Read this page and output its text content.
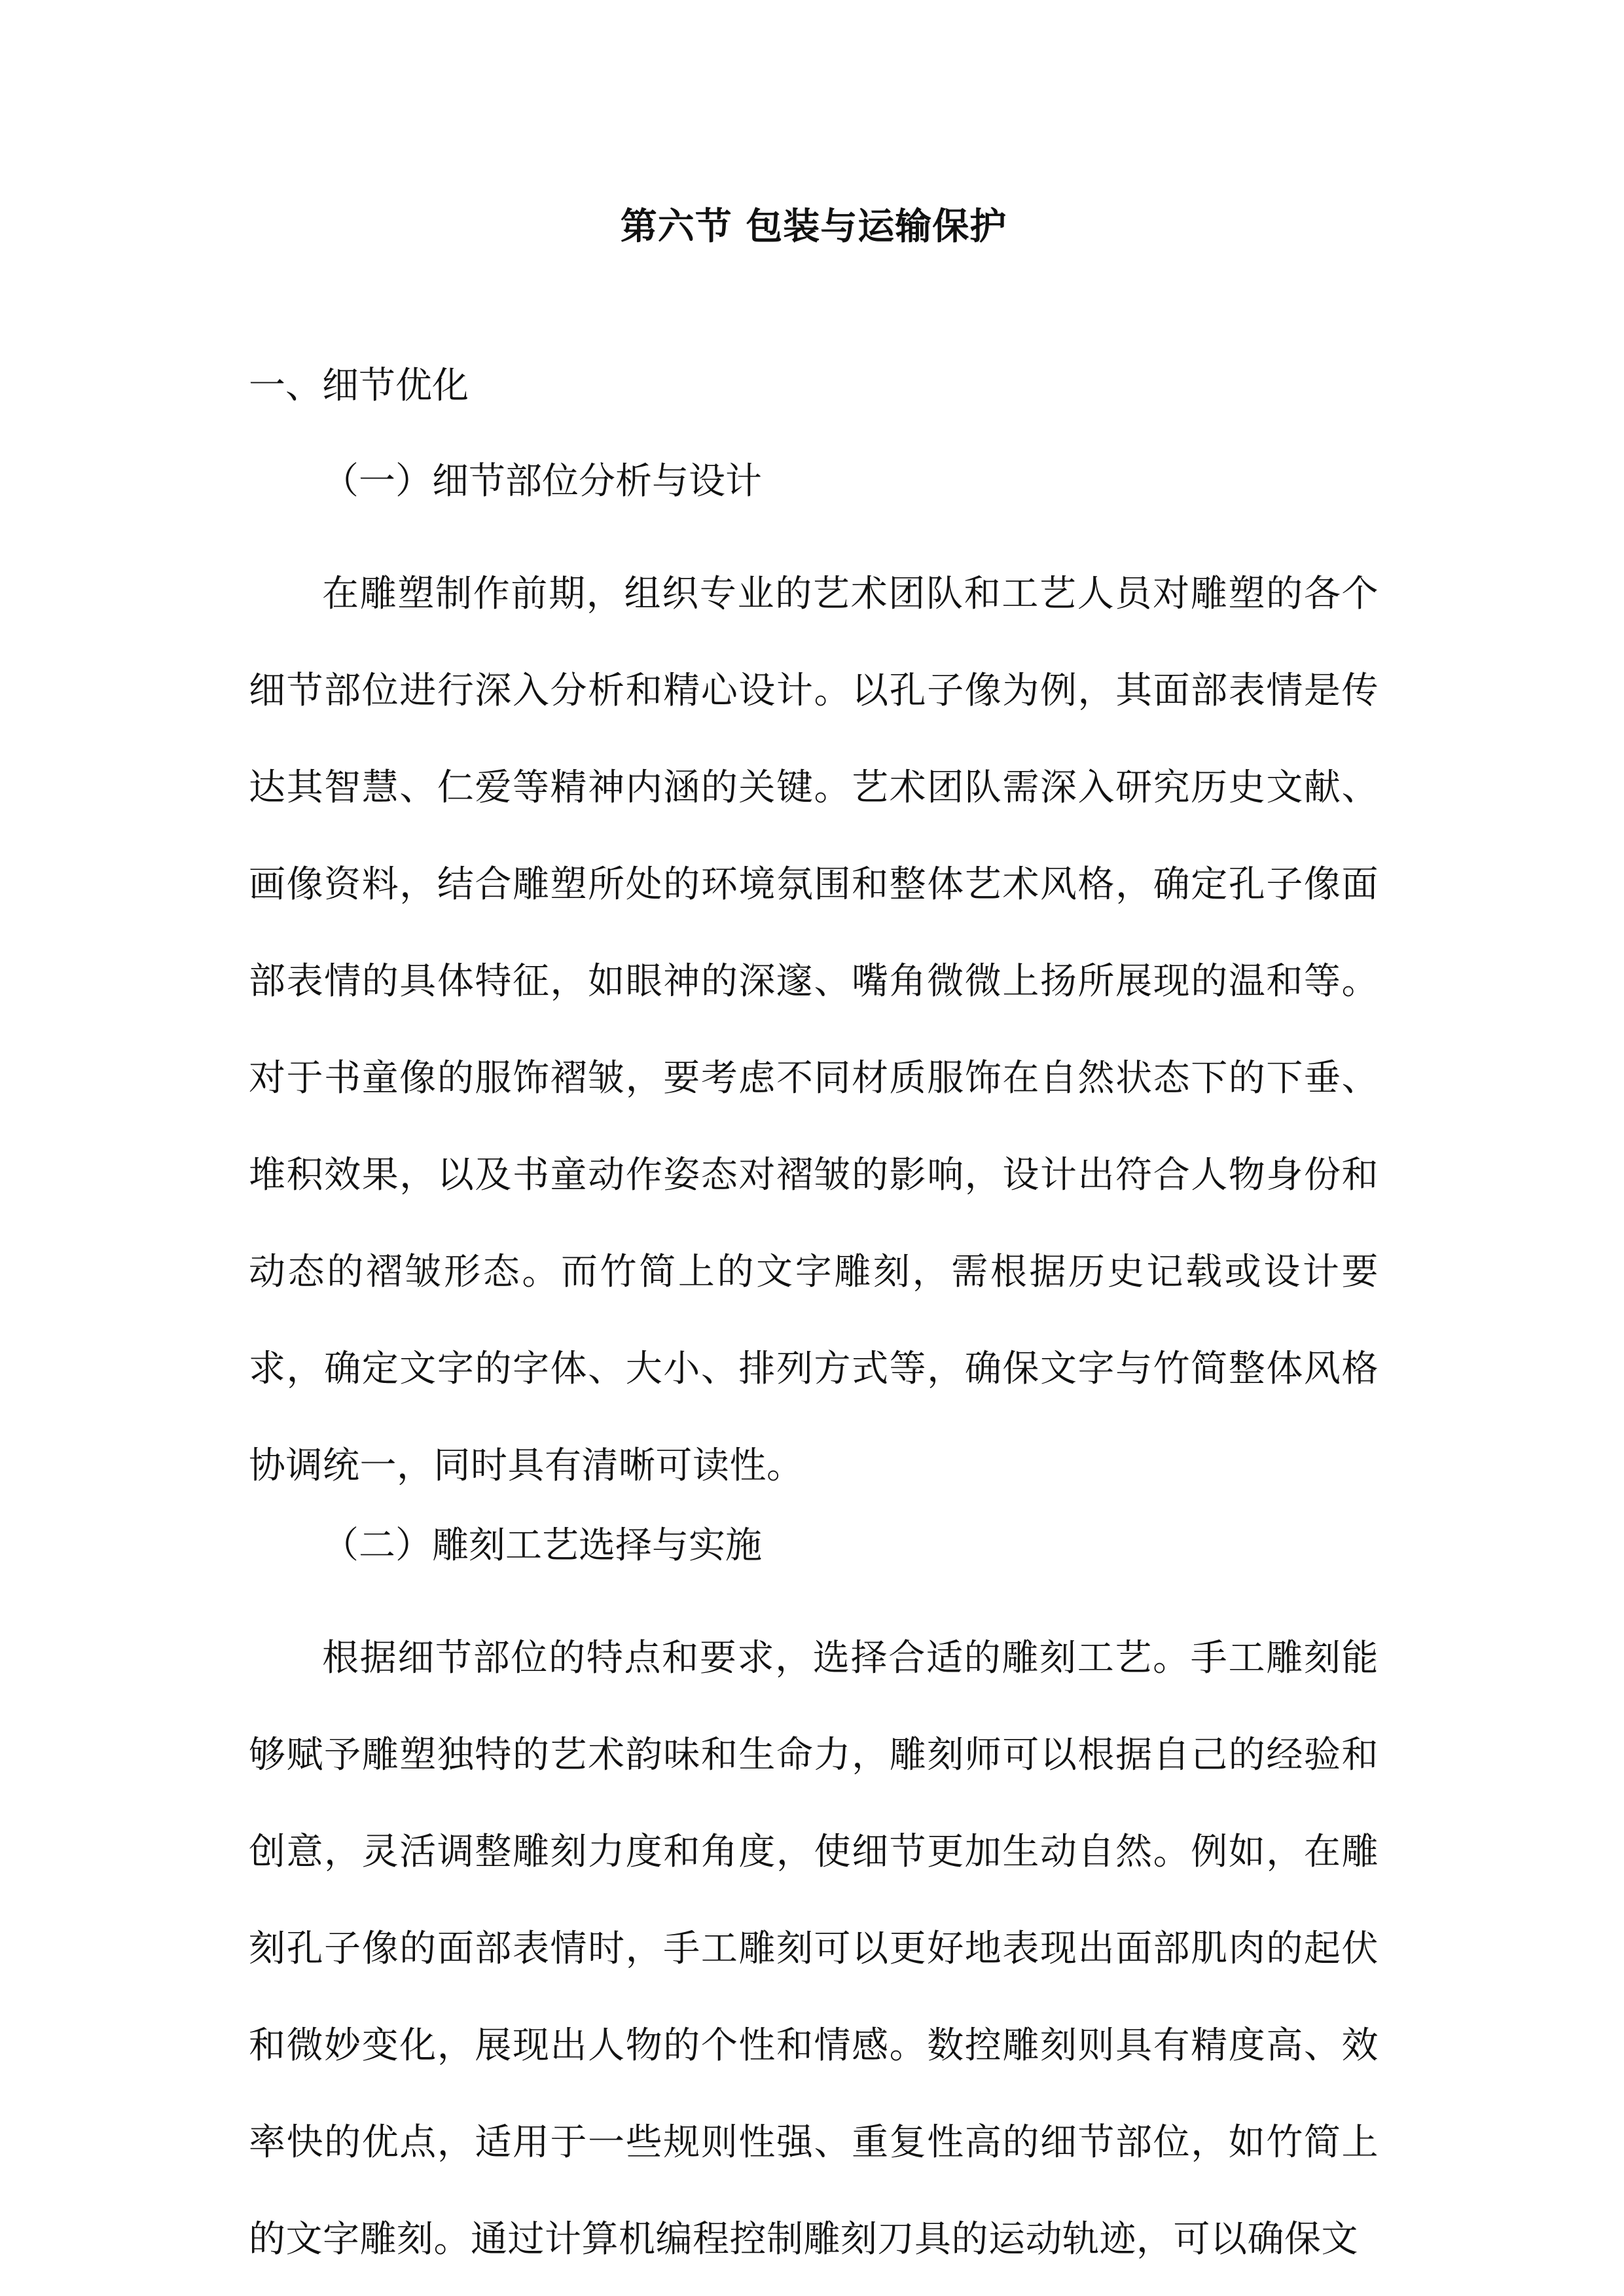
第六节 包装与运输保护
一、细节优化
（一）细节部位分析与设计

在雕塑制作前期，组织专业的艺术团队和工艺人员对雕塑的各个细节部位进行深入分析和精心设计。以孔子像为例，其面部表情是传达其智慧、仁爱等精神内涵的关键。艺术团队需深入研究历史文献、画像资料，结合雕塑所处的环境氛围和整体艺术风格，确定孔子像面部表情的具体特征，如眼神的深邃、嘴角微微上扬所展现的温和等。对于书童像的服饰褶皱，要考虑不同材质服饰在自然状态下的下垂、堆积效果，以及书童动作姿态对褶皱的影响，设计出符合人物身份和动态的褶皱形态。而竹简上的文字雕刻，需根据历史记载或设计要求，确定文字的字体、大小、排列方式等，确保文字与竹简整体风格协调统一，同时具有清晰可读性。

（二）雕刻工艺选择与实施

根据细节部位的特点和要求，选择合适的雕刻工艺。手工雕刻能够赋予雕塑独特的艺术韵味和生命力，雕刻师可以根据自己的经验和创意，灵活调整雕刻力度和角度，使细节更加生动自然。例如，在雕刻孔子像的面部表情时，手工雕刻可以更好地表现出面部肌肉的起伏和微妙变化，展现出人物的个性和情感。数控雕刻则具有精度高、效率快的优点，适用于一些规则性强、重复性高的细节部位，如竹简上的文字雕刻。通过计算机编程控制雕刻刀具的运动轨迹，可以确保文
